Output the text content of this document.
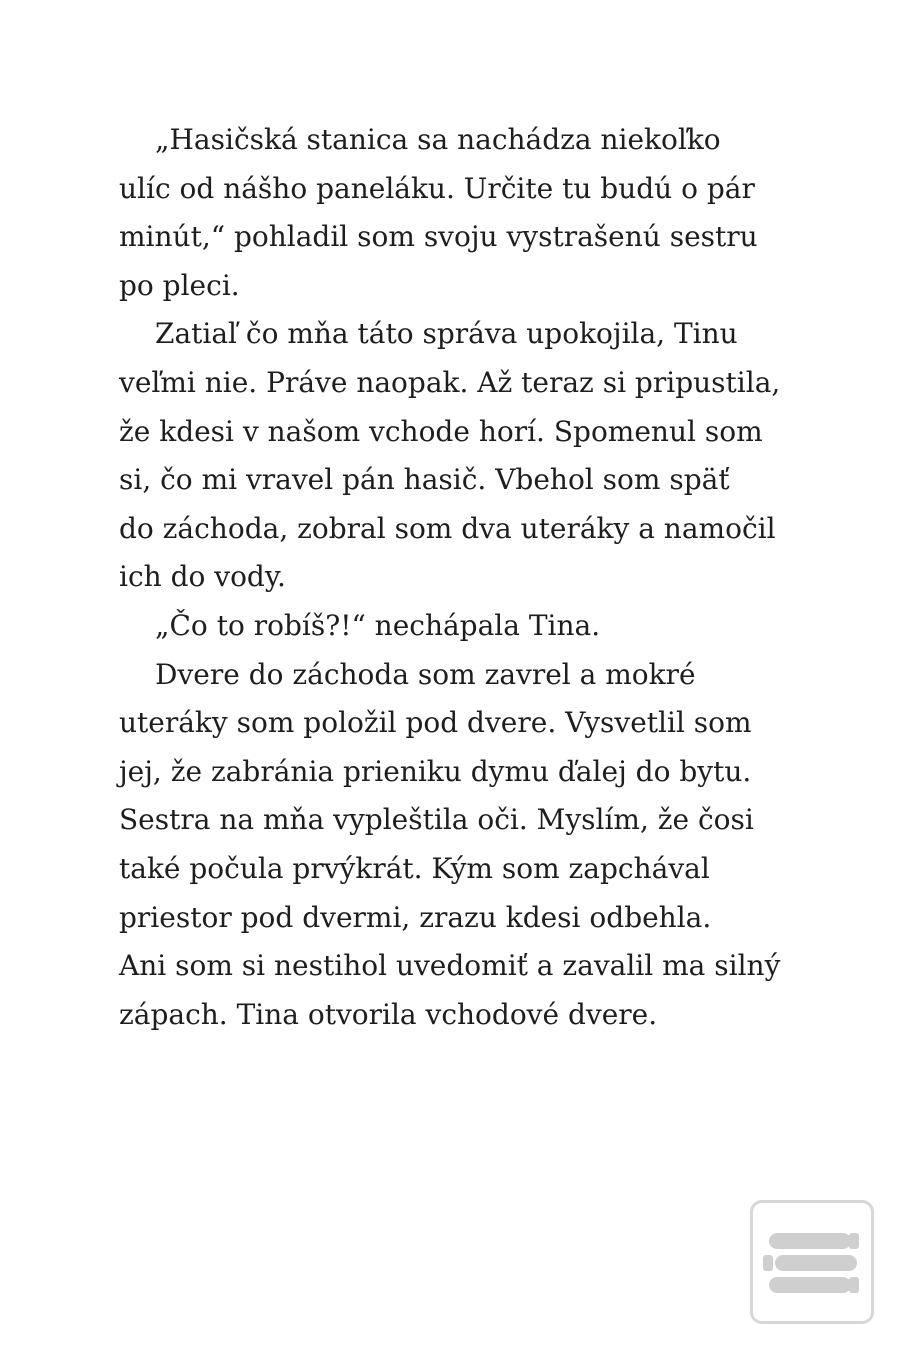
„Hasičská stanica sa nachádza niekoľko
ulíc od nášho paneláku. Určite tu budú o pár
minút,“ pohladil som svoju vystrašenú sestru
po pleci.
Zatiaľ čo mňa táto správa upokojila, Tinu
veľmi nie. Práve naopak. Až teraz si pripustila,
že kdesi v našom vchode horí. Spomenul som
si, čo mi vravel pán hasič. Vbehol som späť
do záchoda, zobral som dva uteráky a namočil
ich do vody.
„Čo to robíš?!“ nechápala Tina.
Dvere do záchoda som zavrel a mokré
uteráky som položil pod dvere. Vysvetlil som
jej, že zabránia prieniku dymu ďalej do bytu.
Sestra na mňa vypleštila oči. Myslím, že čosi
také počula prvýkrát. Kým som zapchával
priestor pod dvermi, zrazu kdesi odbehla.
Ani som si nestihol uvedomiť a zavalil ma silný
zápach. Tina otvorila vchodové dvere.
